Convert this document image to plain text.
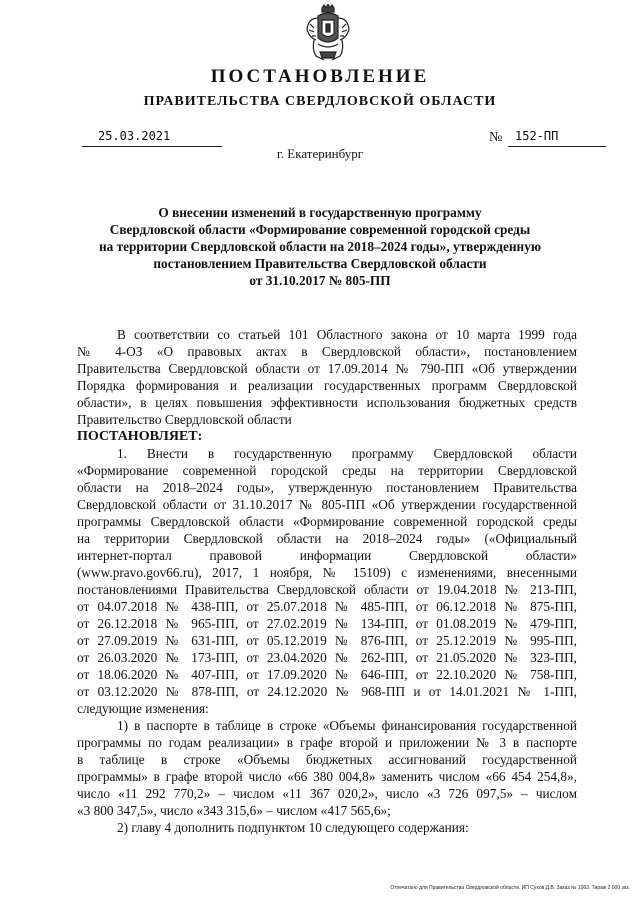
ПОСТАНОВЛЕНИЕ
ПРАВИТЕЛЬСТВА СВЕРДЛОВСКОЙ ОБЛАСТИ
25.03.2021	№ 152-ПП
г. Екатеринбург
О внесении изменений в государственную программу
Свердловской области «Формирование современной городской среды
на территории Свердловской области на 2018–2024 годы», утвержденную
постановлением Правительства Свердловской области
от 31.10.2017 № 805-ПП
В соответствии со статьей 101 Областного закона от 10 марта 1999 года
№ 4-ОЗ «О правовых актах в Свердловской области», постановлением
Правительства Свердловской области от 17.09.2014 № 790-ПП «Об утверждении
Порядка формирования и реализации государственных программ Свердловской
области», в целях повышения эффективности использования бюджетных средств
Правительство Свердловской области
ПОСТАНОВЛЯЕТ:
1. Внести в государственную программу Свердловской области
«Формирование современной городской среды на территории Свердловской
области на 2018–2024 годы», утвержденную постановлением Правительства
Свердловской области от 31.10.2017 № 805-ПП «Об утверждении государственной
программы Свердловской области «Формирование современной городской среды
на территории Свердловской области на 2018–2024 годы» («Официальный
интернет-портал правовой информации Свердловской области»
(www.pravo.gov66.ru), 2017, 1 ноября, № 15109) с изменениями, внесенными
постановлениями Правительства Свердловской области от 19.04.2018 № 213-ПП,
от 04.07.2018 № 438-ПП, от 25.07.2018 № 485-ПП, от 06.12.2018 № 875-ПП,
от 26.12.2018 № 965-ПП, от 27.02.2019 № 134-ПП, от 01.08.2019 № 479-ПП,
от 27.09.2019 № 631-ПП, от 05.12.2019 № 876-ПП, от 25.12.2019 № 995-ПП,
от 26.03.2020 № 173-ПП, от 23.04.2020 № 262-ПП, от 21.05.2020 № 323-ПП,
от 18.06.2020 № 407-ПП, от 17.09.2020 № 646-ПП, от 22.10.2020 № 758-ПП,
от 03.12.2020 № 878-ПП, от 24.12.2020 № 968-ПП и от 14.01.2021 № 1-ПП,
следующие изменения:
1) в паспорте в таблице в строке «Объемы финансирования государственной
программы по годам реализации» в графе второй и приложении № 3 в паспорте
в таблице в строке «Объемы бюджетных ассигнований государственной
программы» в графе второй число «66 380 004,8» заменить числом «66 454 254,8»,
число «11 292 770,2» – числом «11 367 020,2», число «3 726 097,5» – числом
«3 800 347,5», число «343 315,6» – числом «417 565,6»;
2) главу 4 дополнить подпунктом 10 следующего содержания:
Отпечатано для Правительства Свердловской области. ИП Сухов Д.В. Заказ № 1063. Тираж 2 000 экз.
